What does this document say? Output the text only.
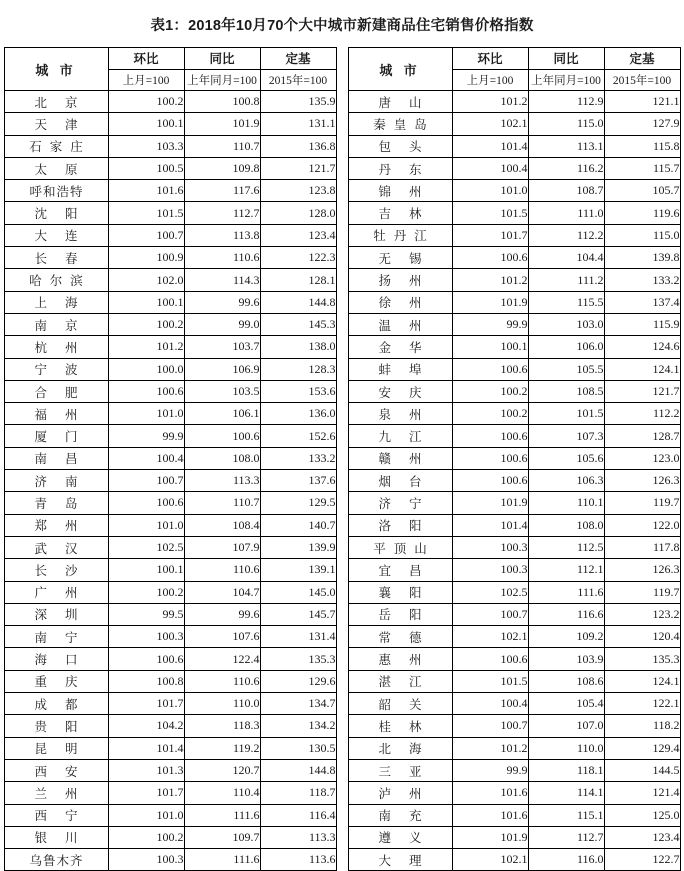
表1：2018年10月70个大中城市新建商品住宅销售价格指数
城 市	环比	同比	定基		城 市	环比	同比	定基
	上月=100	上年同月=100	2015年=100			上月=100	上年同月=100	2015年=100
北京	100.2	100.8	135.9		唐山	101.2	112.9	121.1
天津	100.1	101.9	131.1		秦皇岛	102.1	115.0	127.9
石家庄	103.3	110.7	136.8		包头	101.4	113.1	115.8
太原	100.5	109.8	121.7		丹东	100.4	116.2	115.7
呼和浩特	101.6	117.6	123.8		锦州	101.0	108.7	105.7
沈阳	101.5	112.7	128.0		吉林	101.5	111.0	119.6
大连	100.7	113.8	123.4		牡丹江	101.7	112.2	115.0
长春	100.9	110.6	122.3		无锡	100.6	104.4	139.8
哈尔滨	102.0	114.3	128.1		扬州	101.2	111.2	133.2
上海	100.1	99.6	144.8		徐州	101.9	115.5	137.4
南京	100.2	99.0	145.3		温州	99.9	103.0	115.9
杭州	101.2	103.7	138.0		金华	100.1	106.0	124.6
宁波	100.0	106.9	128.3		蚌埠	100.6	105.5	124.1
合肥	100.6	103.5	153.6		安庆	100.2	108.5	121.7
福州	101.0	106.1	136.0		泉州	100.2	101.5	112.2
厦门	99.9	100.6	152.6		九江	100.6	107.3	128.7
南昌	100.4	108.0	133.2		赣州	100.6	105.6	123.0
济南	100.7	113.3	137.6		烟台	100.6	106.3	126.3
青岛	100.6	110.7	129.5		济宁	101.9	110.1	119.7
郑州	101.0	108.4	140.7		洛阳	101.4	108.0	122.0
武汉	102.5	107.9	139.9		平顶山	100.3	112.5	117.8
长沙	100.1	110.6	139.1		宜昌	100.3	112.1	126.3
广州	100.2	104.7	145.0		襄阳	102.5	111.6	119.7
深圳	99.5	99.6	145.7		岳阳	100.7	116.6	123.2
南宁	100.3	107.6	131.4		常德	102.1	109.2	120.4
海口	100.6	122.4	135.3		惠州	100.6	103.9	135.3
重庆	100.8	110.6	129.6		湛江	101.5	108.6	124.1
成都	101.7	110.0	134.7		韶关	100.4	105.4	122.1
贵阳	104.2	118.3	134.2		桂林	100.7	107.0	118.2
昆明	101.4	119.2	130.5		北海	101.2	110.0	129.4
西安	101.3	120.7	144.8		三亚	99.9	118.1	144.5
兰州	101.7	110.4	118.7		泸州	101.6	114.1	121.4
西宁	101.0	111.6	116.4		南充	101.6	115.1	125.0
银川	100.2	109.7	113.3		遵义	101.9	112.7	123.4
乌鲁木齐	100.3	111.6	113.6		大理	102.1	116.0	122.7
